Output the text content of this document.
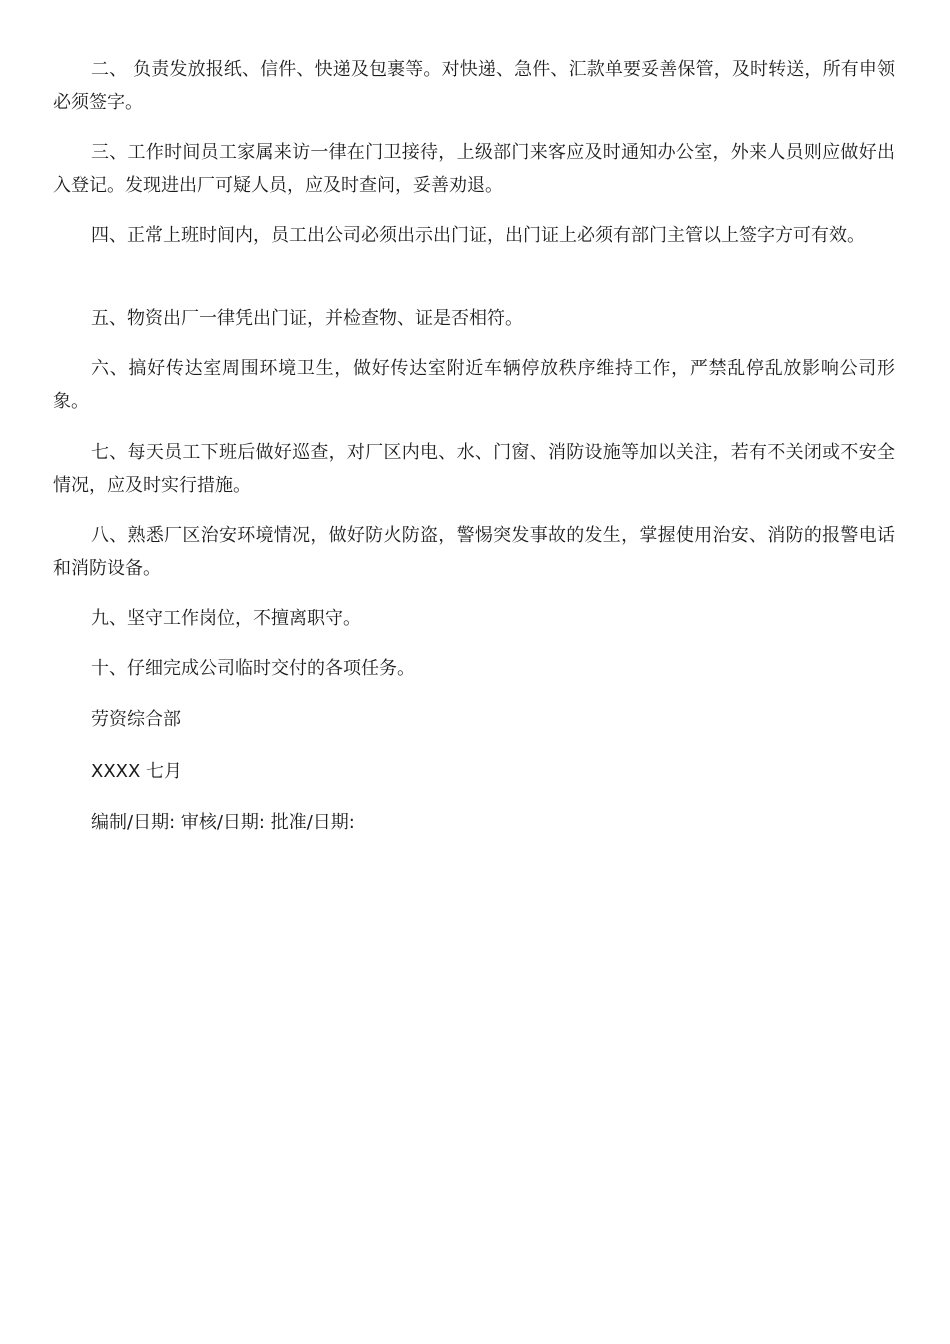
二、 负责发放报纸、信件、快递及包裹等。对快递、急件、汇款单要妥善保管，及时转送，所有申领必须签字。

三、工作时间员工家属来访一律在门卫接待，上级部门来客应及时通知办公室，外来人员则应做好出入登记。发现进出厂可疑人员，应及时查问，妥善劝退。

四、正常上班时间内，员工出公司必须出示出门证，出门证上必须有部门主管以上签字方可有效。

五、物资出厂一律凭出门证，并检查物、证是否相符。

六、搞好传达室周围环境卫生，做好传达室附近车辆停放秩序维持工作，严禁乱停乱放影响公司形象。

七、每天员工下班后做好巡查，对厂区内电、水、门窗、消防设施等加以关注，若有不关闭或不安全情况，应及时实行措施。

八、熟悉厂区治安环境情况，做好防火防盗，警惕突发事故的发生，掌握使用治安、消防的报警电话和消防设备。

九、坚守工作岗位，不擅离职守。

十、仔细完成公司临时交付的各项任务。

劳资综合部

XXXX 七月

编制/日期: 审核/日期: 批准/日期:
